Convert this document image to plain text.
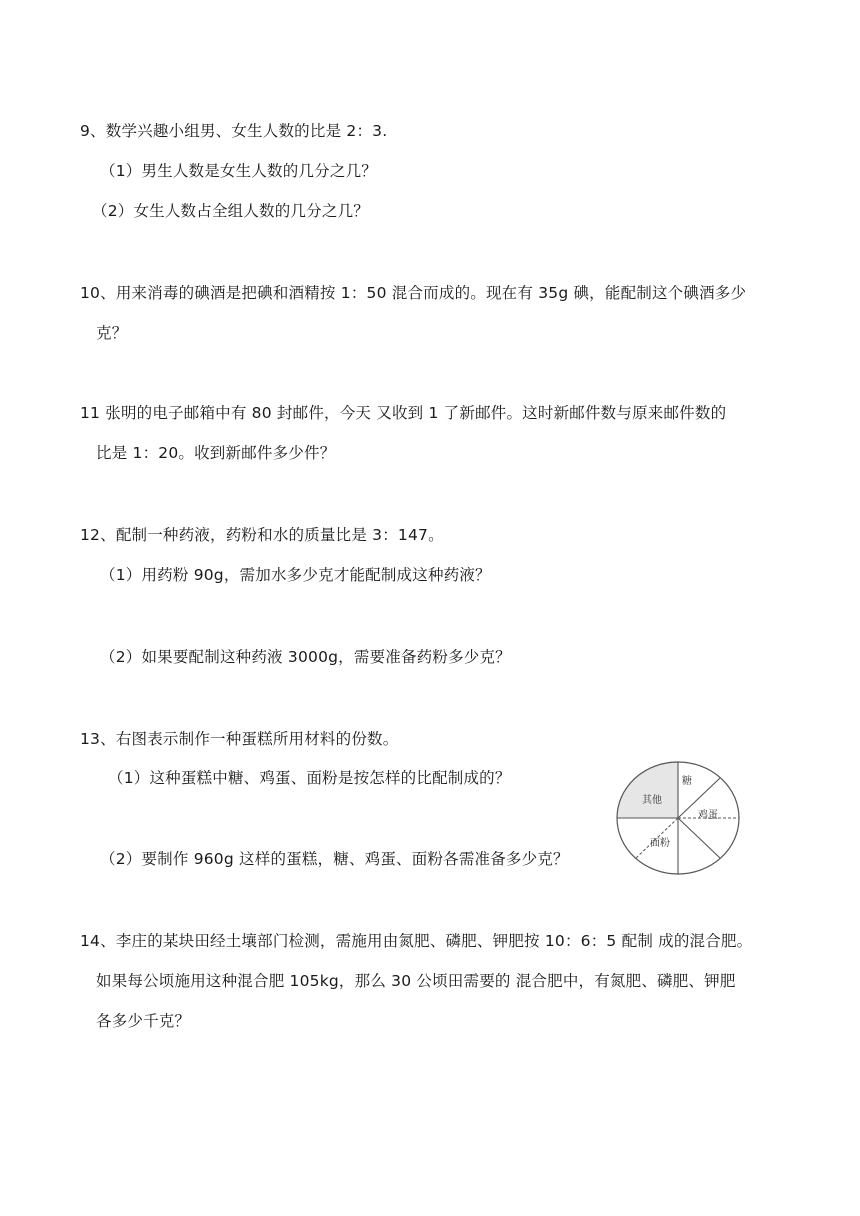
9、数学兴趣小组男、女生人数的比是 2：3.
（1）男生人数是女生人数的几分之几？
（2）女生人数占全组人数的几分之几？
10、用来消毒的碘酒是把碘和酒精按 1：50 混合而成的。现在有 35g 碘，能配制这个碘酒多少
克？
11 张明的电子邮箱中有 80 封邮件，今天 又收到 1 了新邮件。这时新邮件数与原来邮件数的
比是 1：20。收到新邮件多少件？
12、配制一种药液，药粉和水的质量比是 3：147。
（1）用药粉 90g，需加水多少克才能配制成这种药液？
（2）如果要配制这种药液 3000g，需要准备药粉多少克？
13、右图表示制作一种蛋糕所用材料的份数。
（1）这种蛋糕中糖、鸡蛋、面粉是按怎样的比配制成的？
（2）要制作 960g 这样的蛋糕，糖、鸡蛋、面粉各需准备多少克？
糖
鸡蛋
面粉
其他
14、李庄的某块田经土壤部门检测，需施用由氮肥、磷肥、钾肥按 10：6：5 配制 成的混合肥。
如果每公顷施用这种混合肥 105kg，那么 30 公顷田需要的 混合肥中，有氮肥、磷肥、钾肥
各多少千克？
